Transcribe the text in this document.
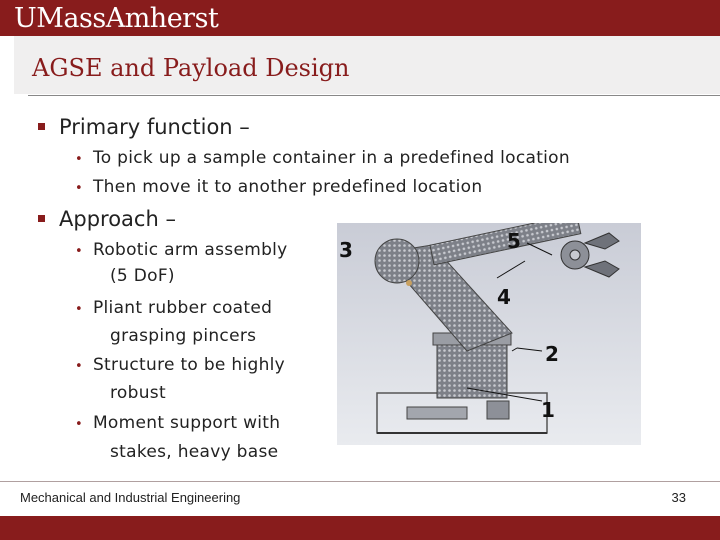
UMassAmherst
AGSE and Payload Design
Primary function –
• To pick up a sample container in a predefined location
• Then move it to another predefined location
Approach –
• Robotic arm assembly
(5 DoF)
• Pliant rubber coated
grasping pincers
• Structure to be highly
robust
• Moment support with
stakes, heavy base
3	5
4
2
1
Mechanical and Industrial Engineering	33
